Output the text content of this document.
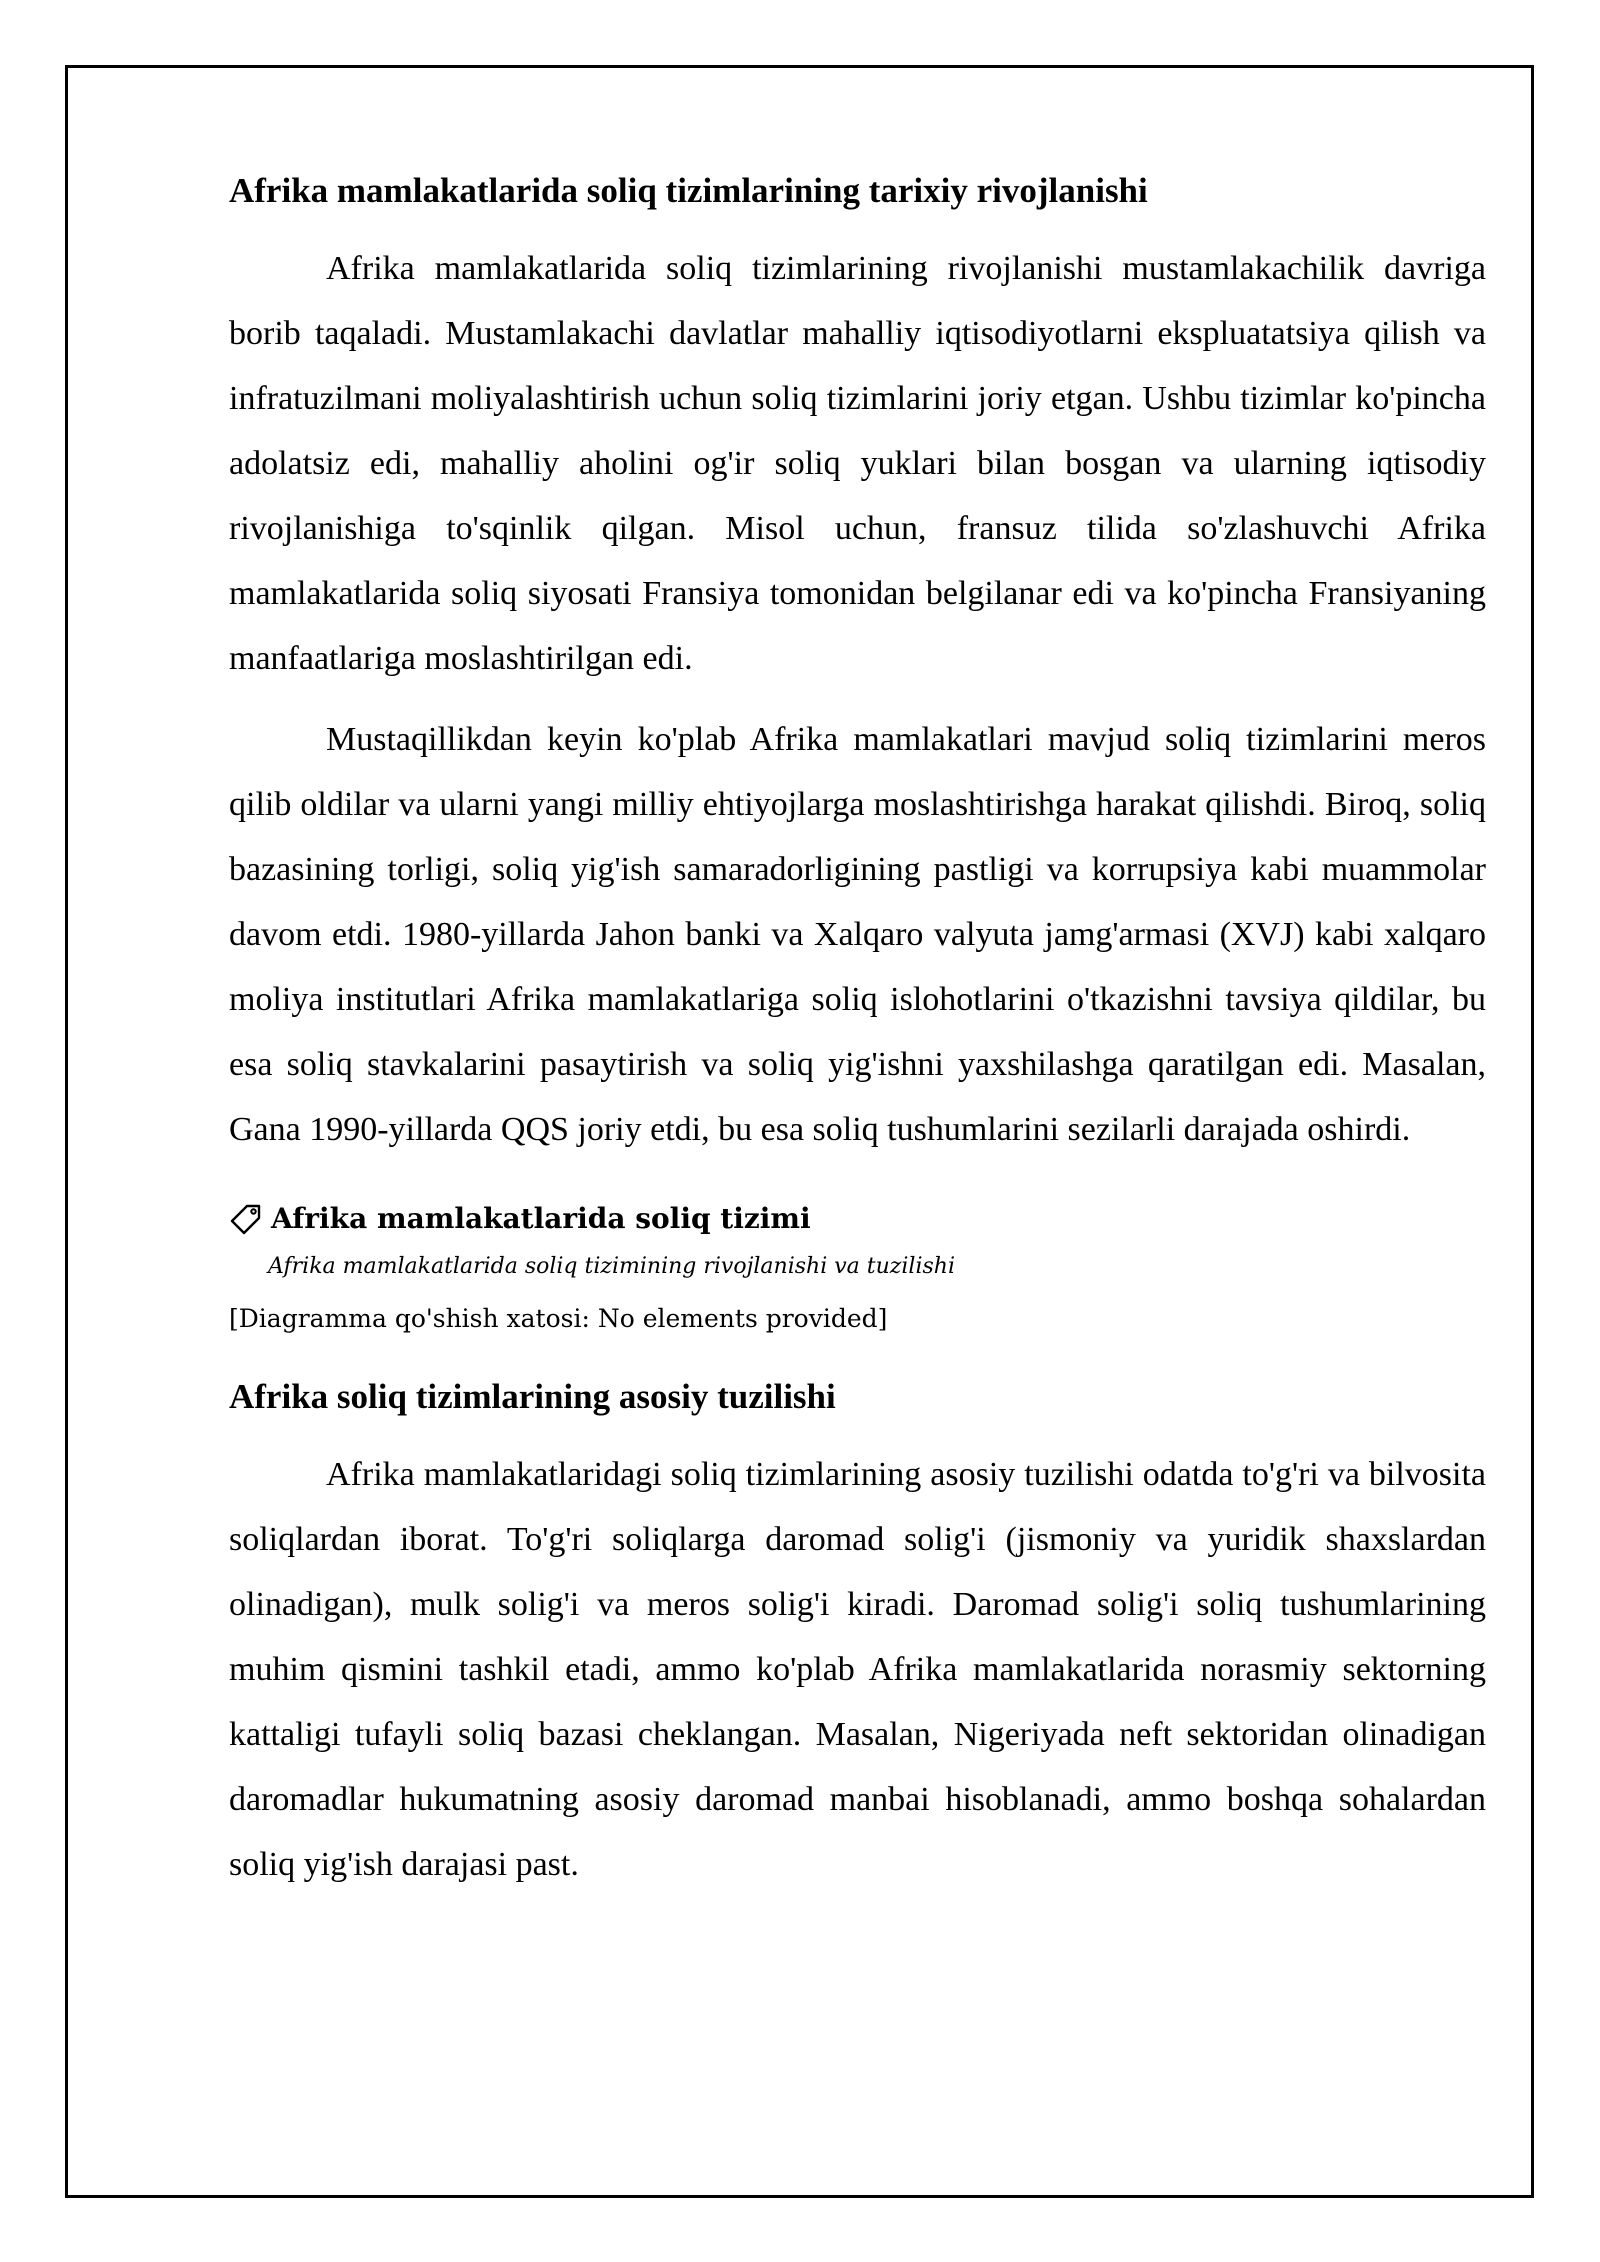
Afrika mamlakatlarida soliq tizimlarining tarixiy rivojlanishi

Afrika mamlakatlarida soliq tizimlarining rivojlanishi mustamlakachilik davriga borib taqaladi. Mustamlakachi davlatlar mahalliy iqtisodiyotlarni ekspluatatsiya qilish va infratuzilmani moliyalashtirish uchun soliq tizimlarini joriy etgan. Ushbu tizimlar ko'pincha adolatsiz edi, mahalliy aholini og'ir soliq yuklari bilan bosgan va ularning iqtisodiy rivojlanishiga to'sqinlik qilgan. Misol uchun, fransuz tilida so'zlashuvchi Afrika mamlakatlarida soliq siyosati Fransiya tomonidan belgilanar edi va ko'pincha Fransiyaning manfaatlariga moslashtirilgan edi.

Mustaqillikdan keyin ko'plab Afrika mamlakatlari mavjud soliq tizimlarini meros qilib oldilar va ularni yangi milliy ehtiyojlarga moslashtirishga harakat qilishdi. Biroq, soliq bazasining torligi, soliq yig'ish samaradorligining pastligi va korrupsiya kabi muammolar davom etdi. 1980-yillarda Jahon banki va Xalqaro valyuta jamg'armasi (XVJ) kabi xalqaro moliya institutlari Afrika mamlakatlariga soliq islohotlarini o'tkazishni tavsiya qildilar, bu esa soliq stavkalarini pasaytirish va soliq yig'ishni yaxshilashga qaratilgan edi. Masalan, Gana 1990-yillarda QQS joriy etdi, bu esa soliq tushumlarini sezilarli darajada oshirdi.

Afrika mamlakatlarida soliq tizimi
Afrika mamlakatlarida soliq tizimining rivojlanishi va tuzilishi
[Diagramma qo'shish xatosi: No elements provided]
Afrika soliq tizimlarining asosiy tuzilishi

Afrika mamlakatlaridagi soliq tizimlarining asosiy tuzilishi odatda to'g'ri va bilvosita soliqlardan iborat. To'g'ri soliqlarga daromad solig'i (jismoniy va yuridik shaxslardan olinadigan), mulk solig'i va meros solig'i kiradi. Daromad solig'i soliq tushumlarining muhim qismini tashkil etadi, ammo ko'plab Afrika mamlakatlarida norasmiy sektorning kattaligi tufayli soliq bazasi cheklangan. Masalan, Nigeriyada neft sektoridan olinadigan daromadlar hukumatning asosiy daromad manbai hisoblanadi, ammo boshqa sohalardan soliq yig'ish darajasi past.
